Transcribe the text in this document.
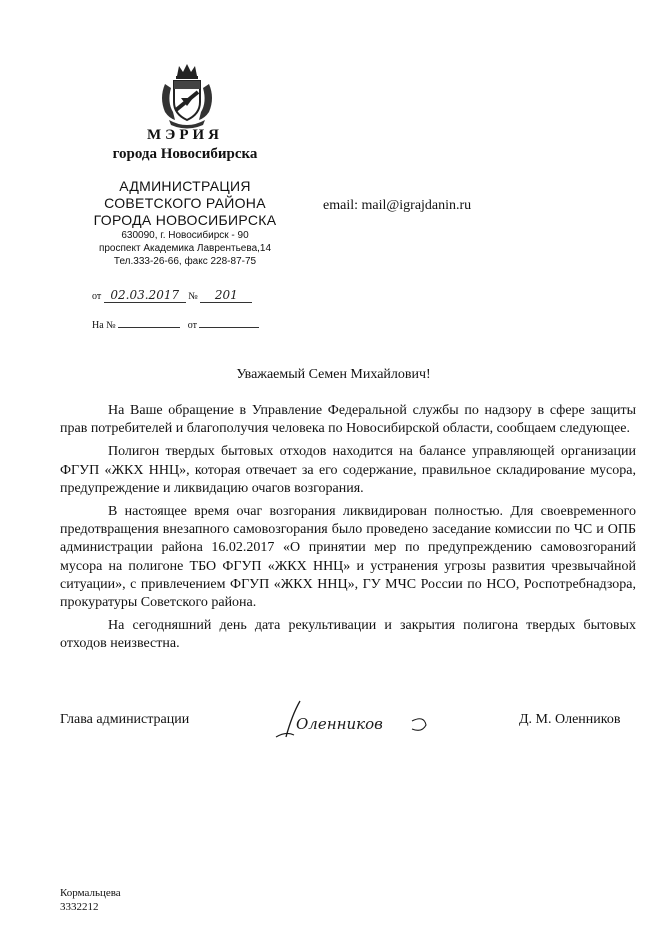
МЭРИЯ
города Новосибирска
АДМИНИСТРАЦИЯ
СОВЕТСКОГО РАЙОНА
ГОРОДА НОВОСИБИРСКА
630090, г. Новосибирск - 90
проспект Академика Лаврентьева,14
Тел.333-26-66, факс 228-87-75
email: mail@igrajdanin.ru
от 02.03.2017 № 201
На №	от
Уважаемый Семен Михайлович!

На Ваше обращение в Управление Федеральной службы по надзору в сфере защиты прав потребителей и благополучия человека по Новосибирской области, сообщаем следующее.

Полигон твердых бытовых отходов находится на балансе управляющей организации ФГУП «ЖКХ ННЦ», которая отвечает за его содержание, правильное складирование мусора, предупреждение и ликвидацию очагов возгорания.

В настоящее время очаг возгорания ликвидирован полностью. Для своевременного предотвращения внезапного самовозгорания было проведено заседание комиссии по ЧС и ОПБ администрации района 16.02.2017 «О принятии мер по предупреждению самовозгораний мусора на полигоне ТБО ФГУП «ЖКХ ННЦ» и устранения угрозы развития чрезвычайной ситуации», с привлечением ФГУП «ЖКХ ННЦ», ГУ МЧС России по НСО, Роспотребнадзора, прокуратуры Советского района.

На сегодняшний день дата рекультивации и закрытия полигона твердых бытовых отходов неизвестна.

Глава администрации	Оленников	Д. М. Оленников
Кормальцева
3332212
